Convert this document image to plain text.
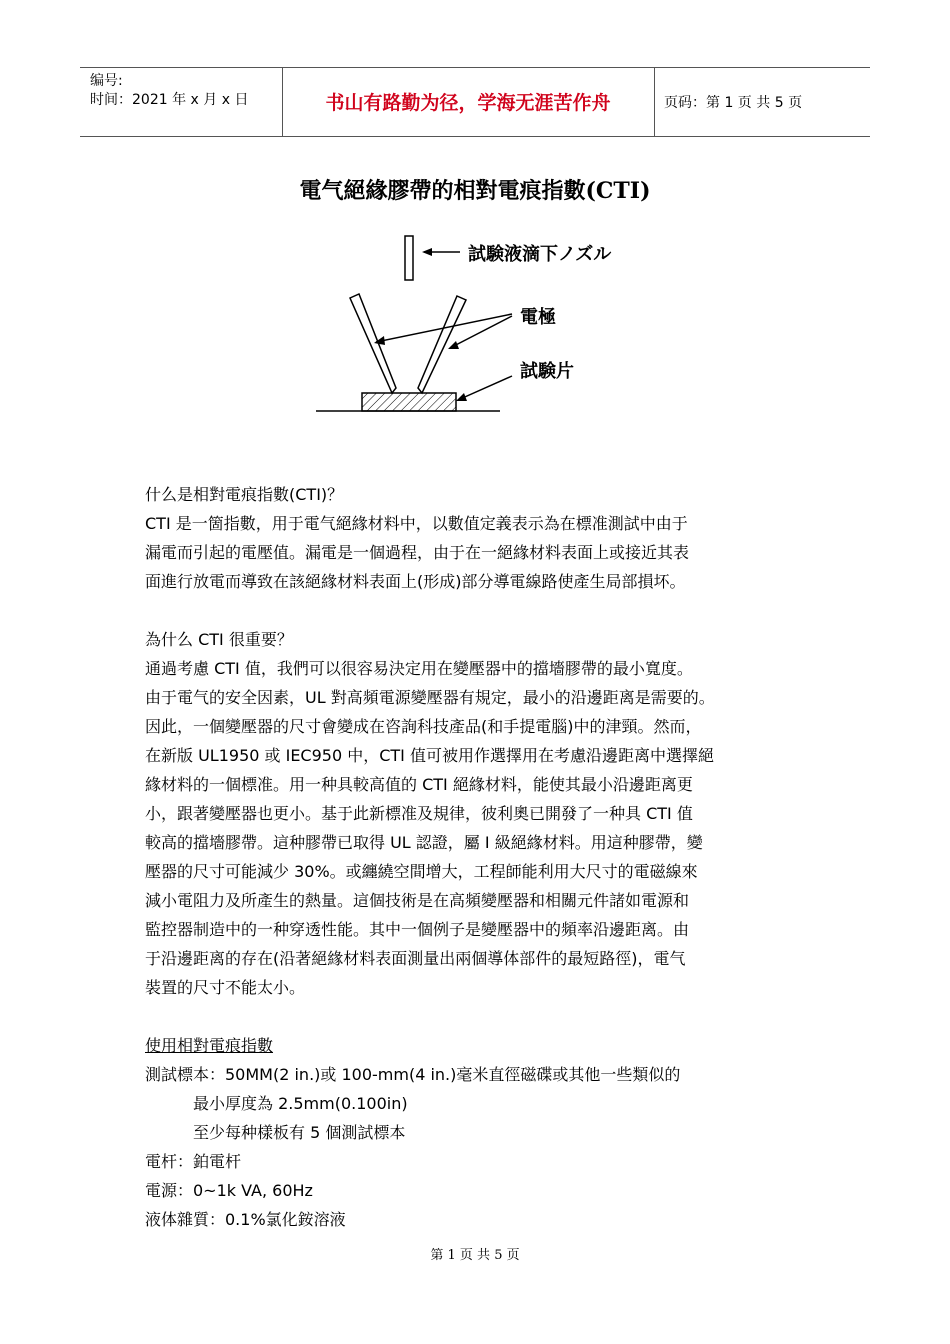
编号:
时间：2021 年 x 月 x 日	书山有路勤为径，学海无涯苦作舟	页码：第 1 页 共 5 页
電气絕緣膠帶的相對電痕指數(CTI)
試験液滴下ノズル
電極
試験片
什么是相對電痕指數(CTI)？
CTI 是一箇指數，用于電气絕緣材料中，以數值定義表示為在標准測試中由于
漏電而引起的電壓值。漏電是一個過程，由于在一絕緣材料表面上或接近其表
面進行放電而導致在該絕緣材料表面上(形成)部分導電線路使產生局部損坏。
為什么 CTI 很重要？
通過考慮 CTI 值，我們可以很容易決定用在變壓器中的擋墻膠帶的最小寬度。
由于電气的安全因素，UL 對高頻電源變壓器有規定，最小的沿邊距离是需要的。
因此，一個變壓器的尺寸會變成在咨詢科技產品(和手提電腦)中的津頸。然而，
在新版 UL1950 或 IEC950 中，CTI 值可被用作選擇用在考慮沿邊距离中選擇絕
緣材料的一個標准。用一种具較高值的 CTI 絕緣材料，能使其最小沿邊距离更
小，跟著變壓器也更小。基于此新標准及規律，彼利奧已開發了一种具 CTI 值
較高的擋墻膠帶。這种膠帶已取得 UL 認證，屬 I 級絕緣材料。用這种膠帶，變
壓器的尺寸可能減少 30%。或纏繞空間增大，工程師能利用大尺寸的電磁線來
減小電阻力及所產生的熱量。這個技術是在高頻變壓器和相關元件諸如電源和
監控器制造中的一种穿透性能。其中一個例子是變壓器中的頻率沿邊距离。由
于沿邊距离的存在(沿著絕緣材料表面測量出兩個導体部件的最短路徑)，電气
裝置的尺寸不能太小。
使用相對電痕指數
測試標本：50MM(2 in.)或 100-mm(4 in.)毫米直徑磁碟或其他一些類似的
最小厚度為 2.5mm(0.100in)
至少每种樣板有 5 個測試標本
電杆：鉑電杆
電源：0~1k VA, 60Hz
液体雜質：0.1%氯化銨溶液
第 1 页 共 5 页
